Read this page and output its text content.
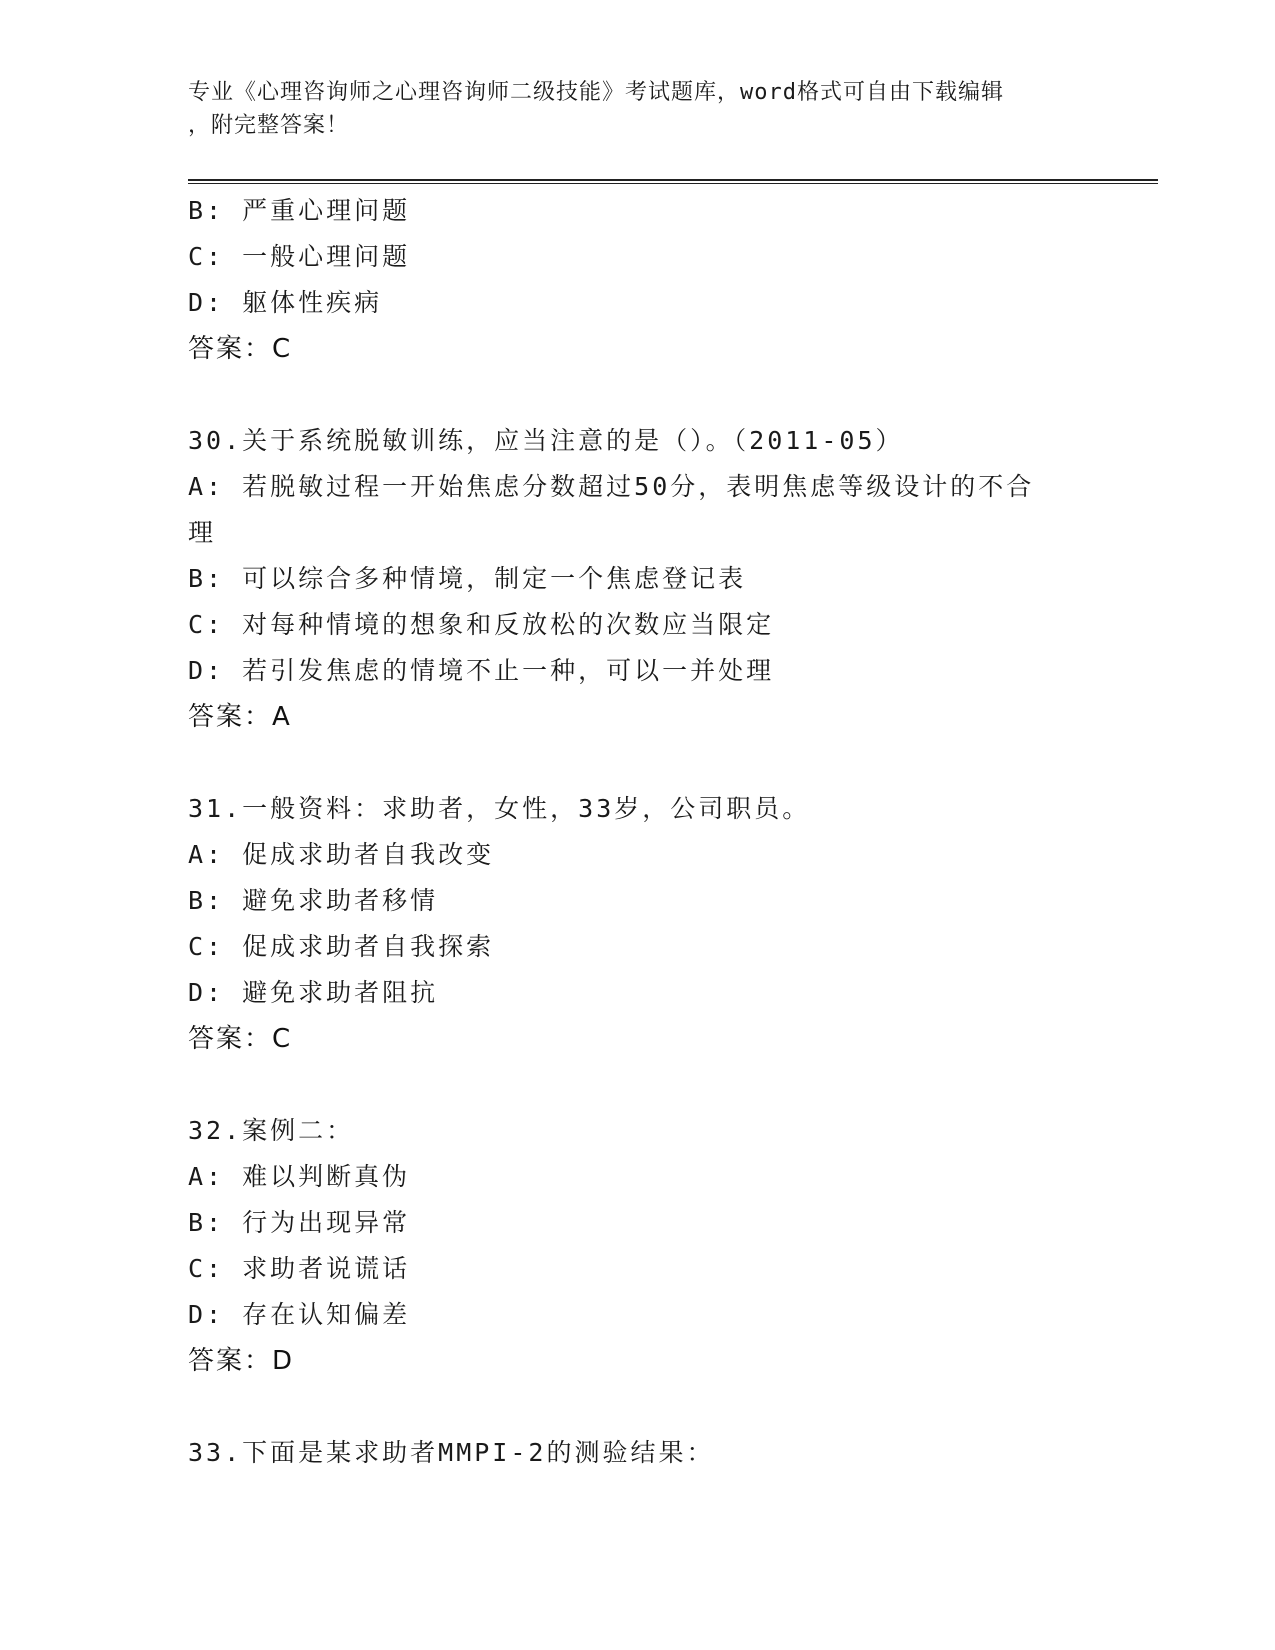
专业《心理咨询师之心理咨询师二级技能》考试题库，word格式可自由下载编辑
，附完整答案！
B: 严重心理问题
C: 一般心理问题
D: 躯体性疾病
答案：C
30.关于系统脱敏训练，应当注意的是（）。（2011-05）
A: 若脱敏过程一开始焦虑分数超过50分，表明焦虑等级设计的不合
理
B: 可以综合多种情境，制定一个焦虑登记表
C: 对每种情境的想象和反放松的次数应当限定
D: 若引发焦虑的情境不止一种，可以一并处理
答案：A
31.一般资料：求助者，女性，33岁，公司职员。
A: 促成求助者自我改变
B: 避免求助者移情
C: 促成求助者自我探索
D: 避免求助者阻抗
答案：C
32.案例二：
A: 难以判断真伪
B: 行为出现异常
C: 求助者说谎话
D: 存在认知偏差
答案：D
33.下面是某求助者MMPI-2的测验结果：
